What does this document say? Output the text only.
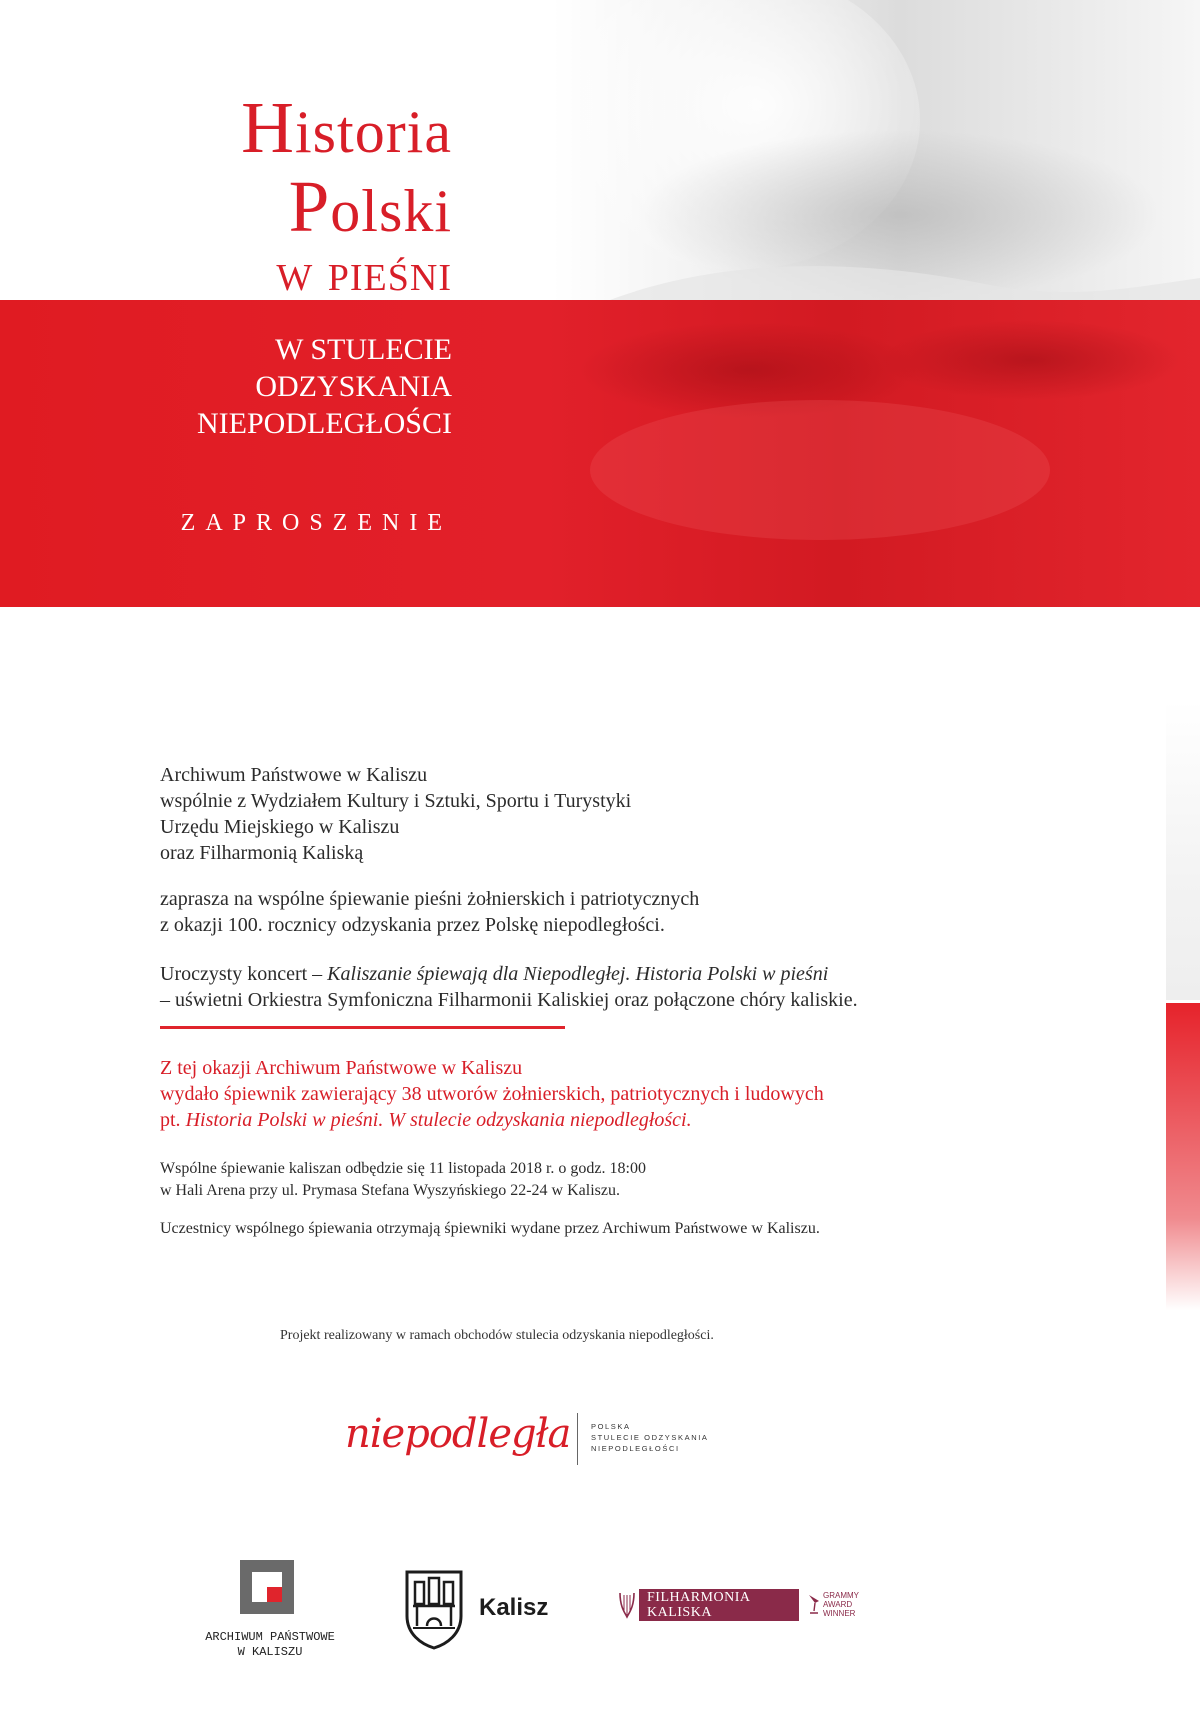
Historia
Polski
w pieśni
W STULECIE
ODZYSKANIA
NIEPODLEGŁOŚCI
ZAPROSZENIE
Archiwum Państwowe w Kaliszu
wspólnie z Wydziałem Kultury i Sztuki, Sportu i Turystyki
Urzędu Miejskiego w Kaliszu
oraz Filharmonią Kaliską
zaprasza na wspólne śpiewanie pieśni żołnierskich i patriotycznych
z okazji 100. rocznicy odzyskania przez Polskę niepodległości.
Uroczysty koncert – Kaliszanie śpiewają dla Niepodległej. Historia Polski w pieśni
– uświetni Orkiestra Symfoniczna Filharmonii Kaliskiej oraz połączone chóry kaliskie.
Z tej okazji Archiwum Państwowe w Kaliszu
wydało śpiewnik zawierający 38 utworów żołnierskich, patriotycznych i ludowych
pt. Historia Polski w pieśni. W stulecie odzyskania niepodległości.
Wspólne śpiewanie kaliszan odbędzie się 11 listopada 2018 r. o godz. 18:00
w Hali Arena przy ul. Prymasa Stefana Wyszyńskiego 22-24 w Kaliszu.
Uczestnicy wspólnego śpiewania otrzymają śpiewniki wydane przez Archiwum Państwowe w Kaliszu.
Projekt realizowany w ramach obchodów stulecia odzyskania niepodległości.
niepodległa	POLSKA
STULECIE ODZYSKANIA
NIEPODLEGŁOŚCI
ARCHIWUM PAŃSTWOWE
W KALISZU
Kalisz	FILHARMONIA
KALISKA
GRAMMY
AWARD
WINNER
